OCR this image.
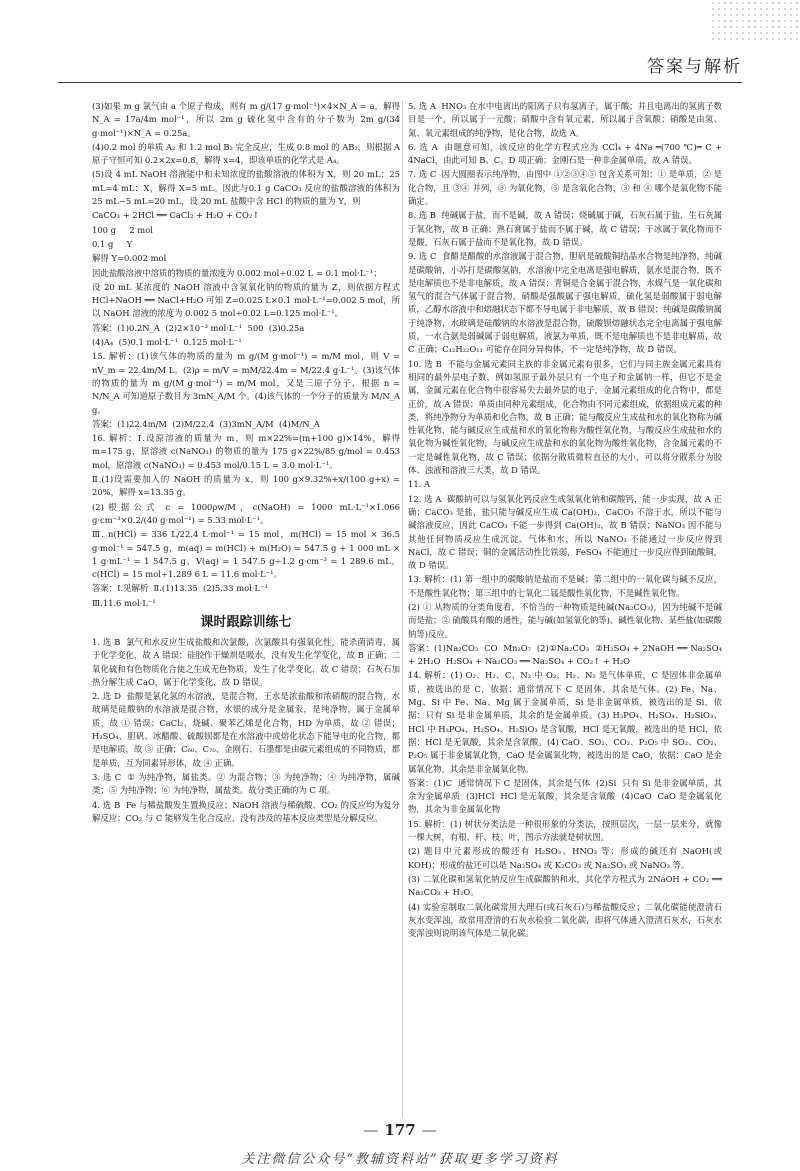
答案与解析

(3)如果 m g 氯气由 a 个原子构成，则有 m g/(17 g·mol⁻¹)×4×N_A = a，解得 N_A = 17a/4m mol⁻¹，所以 2m g 硫化氢中含有的分子数为 2m g/(34 g·mol⁻¹)×N_A = 0.25a。

(4)0.2 mol 的单质 A₂ 和 1.2 mol B₂ 完全反应，生成 0.8 mol 的 AB₂，则根据 A 原子守恒可知 0.2×2x=0.8，解得 x=4，即该单质的化学式是 A₄。

(5)设 4 mL NaOH 溶液能中和未知浓度的盐酸溶液的体积为 X，则 20 mL：25 mL=4 mL：X，解得 X=5 mL。因此与0.1 g CaCO₃ 反应的盐酸溶液的体积为 25 mL−5 mL=20 mL，设 20 mL 盐酸中含 HCl 的物质的量为 Y，则

CaCO₃ + 2HCl ══ CaCl₂ + H₂O + CO₂↑

100 g     2 mol

0.1 g     Y

解得 Y=0.002 mol

因此盐酸溶液中溶质的物质的量浓度为 0.002 mol÷0.02 L = 0.1 mol·L⁻¹；

设 20 mL 某浓度的 NaOH 溶液中含氢氧化钠的物质的量为 Z，则依据方程式 HCl+NaOH ══ NaCl+H₂O 可知 Z=0.025 L×0.1 mol·L⁻¹=0.002 5 mol，所以 NaOH 溶液的浓度为 0.002 5 mol÷0.02 L=0.125 mol·L⁻¹。

答案：(1)0.2N_A  (2)2×10⁻³ mol·L⁻¹  500  (3)0.25a

(4)A₄  (5)0.1 mol·L⁻¹  0.125 mol·L⁻¹

15. 解析：(1)该气体的物质的量为 m g/(M g·mol⁻¹) = m/M mol，则 V = nV_m = 22.4m/M L。(2)ρ = m/V = mM/22.4m = M/22.4 g·L⁻¹。(3)该气体的物质的量为 m g/(M g·mol⁻¹) = m/M mol，又是三原子分子，根据 n = N/N_A 可知道原子数目为 3mN_A/M 个。(4)该气体的一个分子的质量为 M/N_A g。

答案：(1)22.4m/M  (2)M/22.4  (3)3mN_A/M  (4)M/N_A

16. 解析：Ⅰ.设原溶液的质量为 m，则 m×22%=(m+100 g)×14%，解得 m=175 g，原溶液 c(NaNO₃) 的物质的量为 175 g×22%/85 g/mol = 0.453 mol，原溶液 c(NaNO₃) = 0.453 mol/0.15 L = 3.0 mol·L⁻¹。

Ⅱ.(1)设需要加入的 NaOH 的质量为 x，则 100 g×9.32%+x/(100 g+x) = 20%，解得 x=13.35 g。

(2)根据公式 c = 1000ρw/M，c(NaOH) = 1000 mL·L⁻¹×1.066 g·cm⁻³×0.2/(40 g·mol⁻¹) = 5.33 mol·L⁻¹。

Ⅲ. n(HCl) = 336 L/22.4 L·mol⁻¹ = 15 mol，m(HCl) = 15 mol × 36.5 g·mol⁻¹ = 547.5 g，m(aq) = m(HCl) + m(H₂O) = 547.5 g + 1 000 mL × 1 g·mL⁻¹ = 1 547.5 g，V(aq) = 1 547.5 g÷1.2 g·cm⁻³ = 1 289.6 mL，c(HCl) = 15 mol÷1.289 6 L = 11.6 mol·L⁻¹。

答案：Ⅰ.见解析  Ⅱ.(1)13.35  (2)5.33 mol·L⁻¹

Ⅲ.11.6 mol·L⁻¹

课时跟踪训练七

1. 选 B  氯气和水反应生成盐酸和次氯酸，次氯酸具有强氧化性，能杀菌消毒，属于化学变化，故 A 错误；硅胶作干燥剂是吸水，没有发生化学变化，故 B 正确；二氧化硫和有色物质化合使之生成无色物质，发生了化学变化，故 C 错误；石灰石加热分解生成 CaO，属于化学变化，故 D 错误。

2. 选 D  盐酸是氯化氢的水溶液，是混合物，王水是浓盐酸和浓硝酸的混合物，水玻璃是硅酸钠的水溶液是混合物，水银的成分是金属汞，是纯净物，属于金属单质，故 ① 错误；CaCl₂、烧碱、聚苯乙烯是化合物，HD 为单质，故 ② 错误；H₂SO₄、胆矾、冰醋酸、硫酸钡都是在水溶液中或熔化状态下能导电的化合物，都是电解质，故 ③ 正确；C₆₀、C₇₀、金刚石、石墨都是由碳元素组成的不同物质，都是单质，互为同素异形体，故 ④ 正确。

3. 选 C  ① 为纯净物，属盐类。② 为混合物；③ 为纯净物；④ 为纯净物，属碱类；⑤ 为纯净物；⑥ 为纯净物，属盐类。故分类正确的为 C 项。

4. 选 B  Fe 与稀盐酸发生置换反应；NaOH 溶液与稀硫酸、CO₂ 的反应均为复分解反应；CO₂ 与 C 能够发生化合反应，没有涉及的基本反应类型是分解反应。

5. 选 A  HNO₃ 在水中电离出的阳离子只有氢离子，属于酸；并且电离出的氢离子数目是一个，所以属于一元酸；硝酸中含有氧元素，所以属于含氧酸；硝酸是由氢、氮、氧元素组成的纯净物，是化合物，故选 A。

6. 选 A  由题意可知，该反应的化学方程式应为 CCl₄ + 4Na ═(700 ℃)═ C + 4NaCl，由此可知 B、C、D 项正确；金刚石是一种非金属单质，故 A 错误。

7. 选 C  因大圆圈表示纯净物，由图中 ①②③④⑤ 包含关系可知：① 是单质，② 是化合物，且 ③④ 并列，③ 为氧化物，⑤ 是含氧化合物，③ 和 ④ 哪个是氧化物不能确定。

8. 选 B  纯碱属于盐，而不是碱，故 A 错误；烧碱属于碱，石灰石属于盐，生石灰属于氧化物，故 B 正确；熟石膏属于盐而不属于碱，故 C 错误；干冰属于氧化物而不是酸，石灰石属于盐而不是氧化物，故 D 错误。

9. 选 C  食醋是醋酸的水溶液属于混合物，胆矾是硫酸铜结晶水合物是纯净物，纯碱是碳酸钠，小苏打是碳酸氢钠，水溶液中完全电离是强电解质，氨水是混合物，既不是电解质也不是非电解质，故 A 错误；青铜是合金属于混合物，水煤气是一氧化碳和氢气的混合气体属于混合物，硝酸是强酸属于强电解质，硫化氢是弱酸属于弱电解质，乙醇水溶液中和熔融状态下都不导电属于非电解质，故 B 错误；纯碱是碳酸钠属于纯净物，水玻璃是硅酸钠的水溶液是混合物，硫酸钡熔融状态完全电离属于强电解质，一水合氨是弱碱属于弱电解质，液氯为单质，既不是电解质也不是非电解质，故 C 正确；C₁₂H₂₂O₁₁ 可能存在同分异构体，不一定是纯净物，故 D 错误。

10. 选 B  不能与金属元素同主族的非金属元素有很多，它们与同主族金属元素具有相同的最外层电子数，例如氢原子最外层只有一个电子和金属钠一样，但它不是金属，金属元素在化合物中很容易失去最外层的电子，金属元素组成的化合物中，都是正价，故 A 错误；单质由同种元素组成，化合物由不同元素组成，依据组成元素的种类，将纯净物分为单质和化合物，故 B 正确；能与酸反应生成盐和水的氧化物称为碱性氧化物，能与碱反应生成盐和水的氧化物称为酸性氧化物，与酸反应生成盐和水的氧化物为碱性氧化物，与碱反应生成盐和水的氧化物为酸性氧化物，含金属元素的不一定是碱性氧化物，故 C 错误；依据分散质微粒直径的大小，可以将分散系分为胶体、浊液和溶液三大类，故 D 错误。

11. A

12. 选 A  碳酸钠可以与氢氧化钙反应生成氢氧化钠和碳酸钙，能一步实现，故 A 正确；CaCO₃ 是盐，盐只能与碱反应生成 Ca(OH)₂，CaCO₃ 不溶于水，所以不能与碱溶液反应，因此 CaCO₃ 不能一步得到 Ca(OH)₂，故 B 错误；NaNO₃ 因不能与其他任何物质反应生成沉淀、气体和水，所以 NaNO₃ 不能通过一步反应得到 NaCl，故 C 错误；铜的金属活动性比铁弱，FeSO₄ 不能通过一步反应得到硫酸铜，故 D 错误。

13. 解析：(1) 第一组中的碳酸钠是盐而不是碱；第二组中的一氧化碳与碱不反应，不是酸性氧化物；第三组中的七氧化二锰是酸性氧化物，不是碱性氧化物。

(2) ① 从物质的分类角度看，不恰当的一种物质是纯碱(Na₂CO₃)，因为纯碱不是碱而是盐；② 硫酸具有酸的通性，能与碱(如氢氧化钠等)、碱性氧化物、某些盐(如碳酸钠等)反应。

答案：(1)Na₂CO₃  CO  Mn₂O₇  (2)①Na₂CO₃  ②H₂SO₄ + 2NaOH ══ Na₂SO₄ + 2H₂O  H₂SO₄ + Na₂CO₃ ══ Na₂SO₄ + CO₂↑ + H₂O

14. 解析：(1) O₂、H₂、C、N₂ 中 O₂、H₂、N₂ 是气体单质，C 是固体非金属单质，被选出的是 C，依据：通常情况下 C 是固体，其余是气体。(2) Fe、Na、Mg、Si 中 Fe、Na、Mg 属于金属单质，Si 是非金属单质，被选出的是 Si，依据：只有 Si 是非金属单质，其余的是金属单质。(3) H₃PO₄、H₂SO₄、H₂SiO₃、HCl 中 H₃PO₄、H₂SO₄、H₂SiO₃ 是含氧酸，HCl 是无氧酸，被选出的是 HCl，依据：HCl 是无氧酸，其余是含氧酸。(4) CaO、SO₂、CO₂、P₂O₅ 中 SO₂、CO₂、P₂O₅ 属于非金属氧化物，CaO 是金属氧化物，被选出的是 CaO，依据：CaO 是金属氧化物，其余是非金属氧化物。

答案：(1)C  通常情况下 C 是固体，其余是气体  (2)Si  只有 Si 是非金属单质，其余为金属单质  (3)HCl  HCl 是无氧酸，其余是含氧酸  (4)CaO  CaO 是金属氧化物，其余为非金属氧化物

15. 解析：(1) 树状分类法是一种很形象的分类法，按照层次，一层一层来分，就像一棵大树，有根、杆、枝、叶，图示方法就是树状图。

(2) 题目中元素形成的酸还有 H₂SO₃、HNO₃ 等；形成的碱还有 NaOH(或 KOH)；形成的盐还可以是 Na₂SO₄ 或 K₂CO₃ 或 Na₂SO₃ 或 NaNO₃ 等。

(3) 二氧化碳和氢氧化钠反应生成碳酸钠和水，其化学方程式为 2NaOH + CO₂ ══ Na₂CO₃ + H₂O。

(4) 实验室制取二氧化碳常用大理石(或石灰石)与稀盐酸反应；二氧化碳能使澄清石灰水变浑浊，故常用澄清的石灰水检验二氧化碳，即将气体通入澄清石灰水，石灰水变浑浊则说明该气体是二氧化碳。

— 177 —
关注微信公众号“教辅资料站”获取更多学习资料
